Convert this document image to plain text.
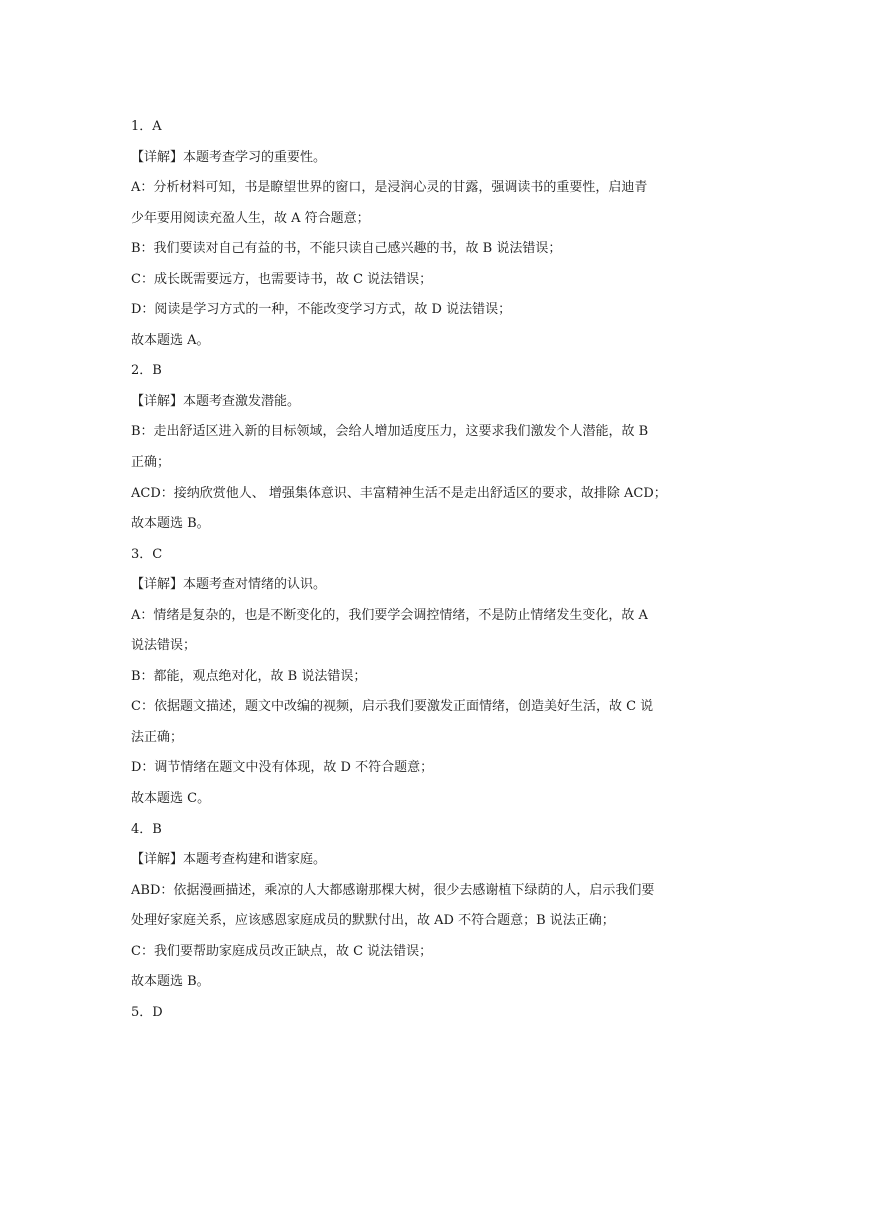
1．A
【详解】本题考查学习的重要性。
A：分析材料可知，书是瞭望世界的窗口，是浸润心灵的甘露，强调读书的重要性，启迪青
少年要用阅读充盈人生，故 A 符合题意；
B：我们要读对自己有益的书，不能只读自己感兴趣的书，故 B 说法错误；
C：成长既需要远方，也需要诗书，故 C 说法错误；
D：阅读是学习方式的一种，不能改变学习方式，故 D 说法错误；
故本题选 A。
2．B
【详解】本题考查激发潜能。
B：走出舒适区进入新的目标领域，会给人增加适度压力，这要求我们激发个人潜能，故 B
正确；
ACD：接纳欣赏他人、 增强集体意识、丰富精神生活不是走出舒适区的要求，故排除 ACD；
故本题选 B。
3．C
【详解】本题考查对情绪的认识。
A：情绪是复杂的，也是不断变化的，我们要学会调控情绪，不是防止情绪发生变化，故 A
说法错误；
B：都能，观点绝对化，故 B 说法错误；
C：依据题文描述，题文中改编的视频，启示我们要激发正面情绪，创造美好生活，故 C 说
法正确；
D：调节情绪在题文中没有体现，故 D 不符合题意；
故本题选 C。
4．B
【详解】本题考查构建和谐家庭。
ABD：依据漫画描述，乘凉的人大都感谢那棵大树，很少去感谢植下绿荫的人，启示我们要
处理好家庭关系，应该感恩家庭成员的默默付出，故 AD 不符合题意；B 说法正确；
C：我们要帮助家庭成员改正缺点，故 C 说法错误；
故本题选 B。
5．D
